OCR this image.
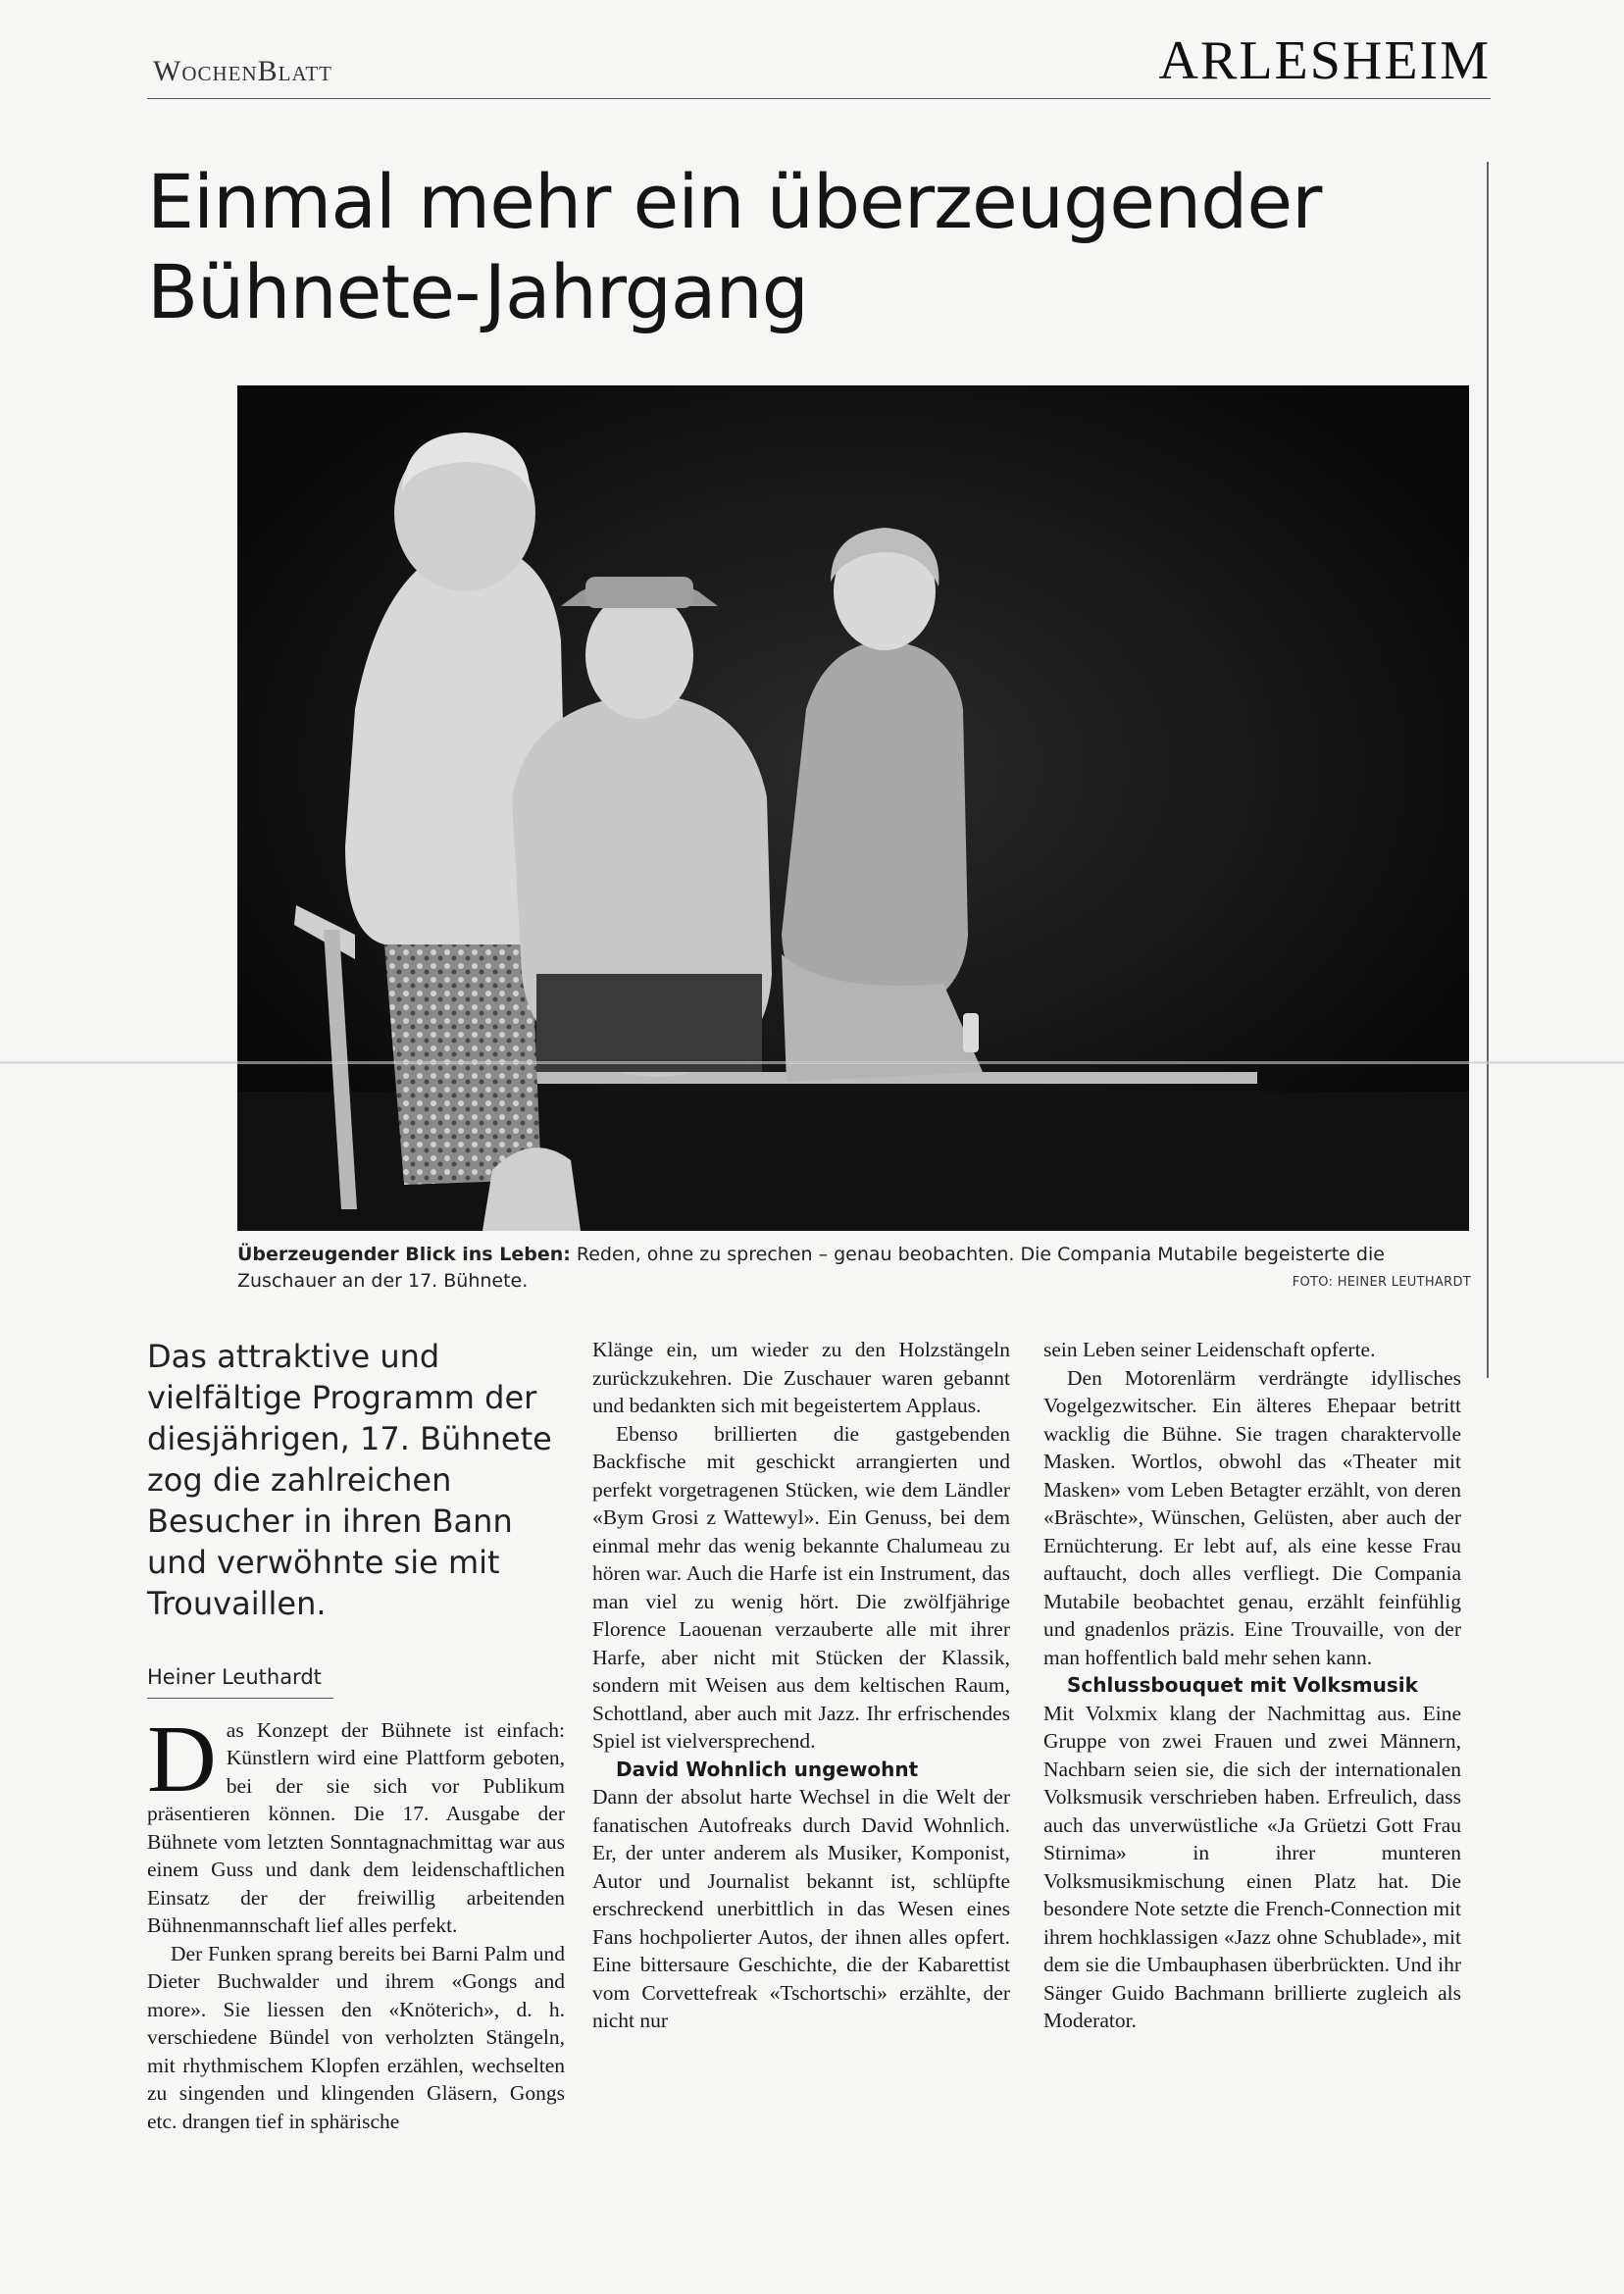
WochenBlatt	ARLESHEIM
Einmal mehr ein überzeugender
Bühnete-Jahrgang
Überzeugender Blick ins Leben: Reden, ohne zu sprechen – genau beobachten. Die Compania Mutabile begeisterte die Zuschauer an der 17. Bühnete.	FOTO: HEINER LEUTHARDT
Das attraktive und vielfältige Programm der diesjährigen, 17. Bühnete zog die zahlreichen Besucher in ihren Bann und verwöhnte sie mit Trouvaillen.
Heiner Leuthardt

Das Konzept der Bühnete ist einfach: Künstlern wird eine Plattform geboten, bei der sie sich vor Publikum präsentieren können. Die 17. Ausgabe der Bühnete vom letzten Sonntagnachmittag war aus einem Guss und dank dem leidenschaftlichen Einsatz der der freiwillig arbeitenden Bühnenmannschaft lief alles perfekt.

Der Funken sprang bereits bei Barni Palm und Dieter Buchwalder und ihrem «Gongs and more». Sie liessen den «Knöterich», d. h. verschiedene Bündel von verholzten Stängeln, mit rhythmischem Klopfen erzählen, wechselten zu singenden und klingenden Gläsern, Gongs etc. drangen tief in sphärische

Klänge ein, um wieder zu den Holzstängeln zurückzukehren. Die Zuschauer waren gebannt und bedankten sich mit begeistertem Applaus.

Ebenso brillierten die gastgebenden Backfische mit geschickt arrangierten und perfekt vorgetragenen Stücken, wie dem Ländler «Bym Grosi z Wattewyl». Ein Genuss, bei dem einmal mehr das wenig bekannte Chalumeau zu hören war. Auch die Harfe ist ein Instrument, das man viel zu wenig hört. Die zwölfjährige Florence Laouenan verzauberte alle mit ihrer Harfe, aber nicht mit Stücken der Klassik, sondern mit Weisen aus dem keltischen Raum, Schottland, aber auch mit Jazz. Ihr erfrischendes Spiel ist vielversprechend.

David Wohnlich ungewohnt

Dann der absolut harte Wechsel in die Welt der fanatischen Autofreaks durch David Wohnlich. Er, der unter anderem als Musiker, Komponist, Autor und Journalist bekannt ist, schlüpfte erschreckend unerbittlich in das Wesen eines Fans hochpolierter Autos, der ihnen alles opfert. Eine bittersaure Geschichte, die der Kabarettist vom Corvettefreak «Tschortschi» erzählte, der nicht nur

sein Leben seiner Leidenschaft opferte.

Den Motorenlärm verdrängte idyllisches Vogelgezwitscher. Ein älteres Ehepaar betritt wacklig die Bühne. Sie tragen charaktervolle Masken. Wortlos, obwohl das «Theater mit Masken» vom Leben Betagter erzählt, von deren «Bräschte», Wünschen, Gelüsten, aber auch der Ernüchterung. Er lebt auf, als eine kesse Frau auftaucht, doch alles verfliegt. Die Compania Mutabile beobachtet genau, erzählt feinfühlig und gnadenlos präzis. Eine Trouvaille, von der man hoffentlich bald mehr sehen kann.

Schlussbouquet mit Volksmusik

Mit Volxmix klang der Nachmittag aus. Eine Gruppe von zwei Frauen und zwei Männern, Nachbarn seien sie, die sich der internationalen Volksmusik verschrieben haben. Erfreulich, dass auch das unverwüstliche «Ja Grüetzi Gott Frau Stirnima» in ihrer munteren Volksmusikmischung einen Platz hat. Die besondere Note setzte die French-Connection mit ihrem hochklassigen «Jazz ohne Schublade», mit dem sie die Umbauphasen überbrückten. Und ihr Sänger Guido Bachmann brillierte zugleich als Moderator.
